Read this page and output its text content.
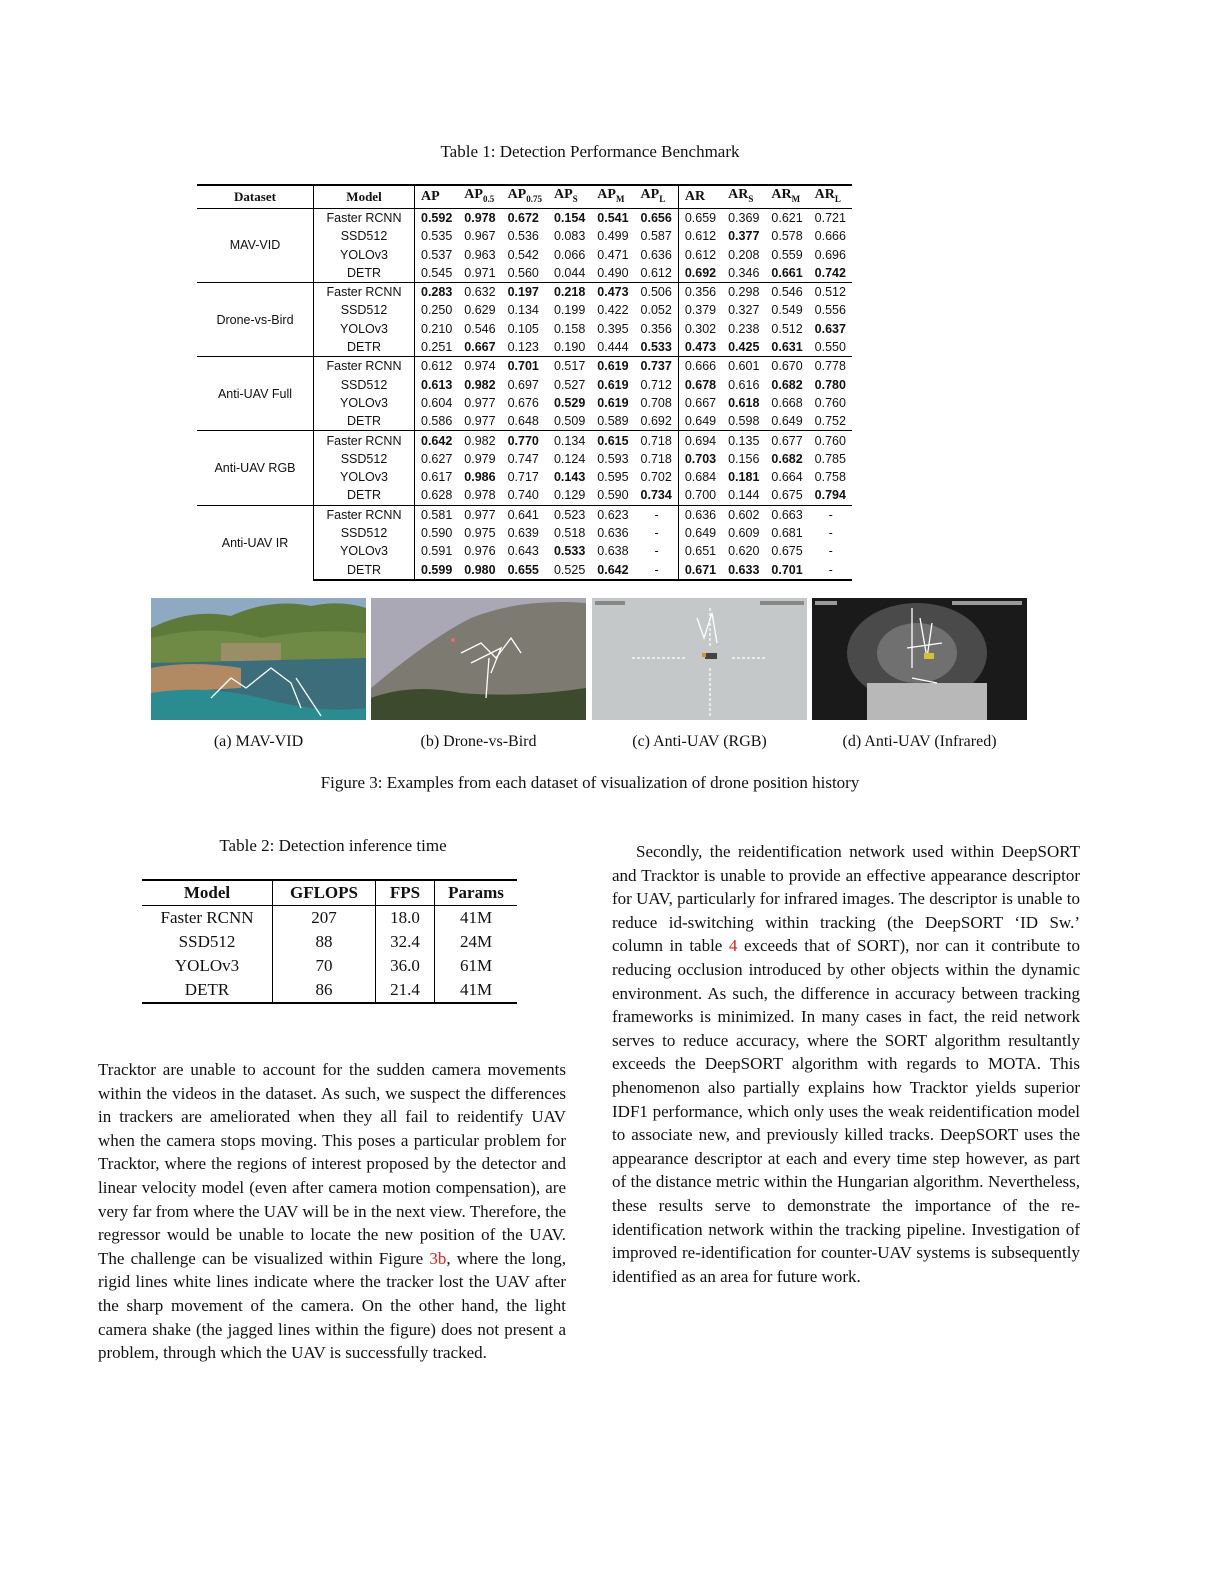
Table 1: Detection Performance Benchmark
Dataset	Model	AP	$AP_{0.5}$	$AP_{0.75}$	$AP_S$	$AP_M$	$AP_L$	AR	$AR_S$	$AR_M$	$AR_L$
MAV-VID	Faster RCNN	0.592	0.978	0.672	0.154	0.541	0.656	0.659	0.369	0.621	0.721
	SSD512	0.535	0.967	0.536	0.083	0.499	0.587	0.612	0.377	0.578	0.666
	YOLOv3	0.537	0.963	0.542	0.066	0.471	0.636	0.612	0.208	0.559	0.696
	DETR	0.545	0.971	0.560	0.044	0.490	0.612	0.692	0.346	0.661	0.742
Drone-vs-Bird	Faster RCNN	0.283	0.632	0.197	0.218	0.473	0.506	0.356	0.298	0.546	0.512
	SSD512	0.250	0.629	0.134	0.199	0.422	0.052	0.379	0.327	0.549	0.556
	YOLOv3	0.210	0.546	0.105	0.158	0.395	0.356	0.302	0.238	0.512	0.637
	DETR	0.251	0.667	0.123	0.190	0.444	0.533	0.473	0.425	0.631	0.550
Anti-UAV Full	Faster RCNN	0.612	0.974	0.701	0.517	0.619	0.737	0.666	0.601	0.670	0.778
	SSD512	0.613	0.982	0.697	0.527	0.619	0.712	0.678	0.616	0.682	0.780
	YOLOv3	0.604	0.977	0.676	0.529	0.619	0.708	0.667	0.618	0.668	0.760
	DETR	0.586	0.977	0.648	0.509	0.589	0.692	0.649	0.598	0.649	0.752
Anti-UAV RGB	Faster RCNN	0.642	0.982	0.770	0.134	0.615	0.718	0.694	0.135	0.677	0.760
	SSD512	0.627	0.979	0.747	0.124	0.593	0.718	0.703	0.156	0.682	0.785
	YOLOv3	0.617	0.986	0.717	0.143	0.595	0.702	0.684	0.181	0.664	0.758
	DETR	0.628	0.978	0.740	0.129	0.590	0.734	0.700	0.144	0.675	0.794
Anti-UAV IR	Faster RCNN	0.581	0.977	0.641	0.523	0.623	-	0.636	0.602	0.663	-
	SSD512	0.590	0.975	0.639	0.518	0.636	-	0.649	0.609	0.681	-
	YOLOv3	0.591	0.976	0.643	0.533	0.638	-	0.651	0.620	0.675	-
	DETR	0.599	0.980	0.655	0.525	0.642	-	0.671	0.633	0.701	-
(a) MAV-VID	(b) Drone-vs-Bird	(c) Anti-UAV (RGB)	(d) Anti-UAV (Infrared)
Figure 3: Examples from each dataset of visualization of drone position history
Table 2: Detection inference time
Model	GFLOPS	FPS	Params
Faster RCNN	207	18.0	41M
SSD512	88	32.4	24M
YOLOv3	70	36.0	61M
DETR	86	21.4	41M

Tracktor are unable to account for the sudden camera movements within the videos in the dataset. As such, we suspect the differences in trackers are ameliorated when they all fail to reidentify UAV when the camera stops moving. This poses a particular problem for Tracktor, where the regions of interest proposed by the detector and linear velocity model (even after camera motion compensation), are very far from where the UAV will be in the next view. Therefore, the regressor would be unable to locate the new position of the UAV. The challenge can be visualized within Figure 3b, where the long, rigid lines white lines indicate where the tracker lost the UAV after the sharp movement of the camera. On the other hand, the light camera shake (the jagged lines within the figure) does not present a problem, through which the UAV is successfully tracked.

Secondly, the reidentification network used within DeepSORT and Tracktor is unable to provide an effective appearance descriptor for UAV, particularly for infrared images. The descriptor is unable to reduce id-switching within tracking (the DeepSORT ‘ID Sw.’ column in table 4 exceeds that of SORT), nor can it contribute to reducing occlusion introduced by other objects within the dynamic environment. As such, the difference in accuracy between tracking frameworks is minimized. In many cases in fact, the reid network serves to reduce accuracy, where the SORT algorithm resultantly exceeds the DeepSORT algorithm with regards to MOTA. This phenomenon also partially explains how Tracktor yields superior IDF1 performance, which only uses the weak reidentification model to associate new, and previously killed tracks. DeepSORT uses the appearance descriptor at each and every time step however, as part of the distance metric within the Hungarian algorithm. Nevertheless, these results serve to demonstrate the importance of the re-identification network within the tracking pipeline. Investigation of improved re-identification for counter-UAV systems is subsequently identified as an area for future work.
